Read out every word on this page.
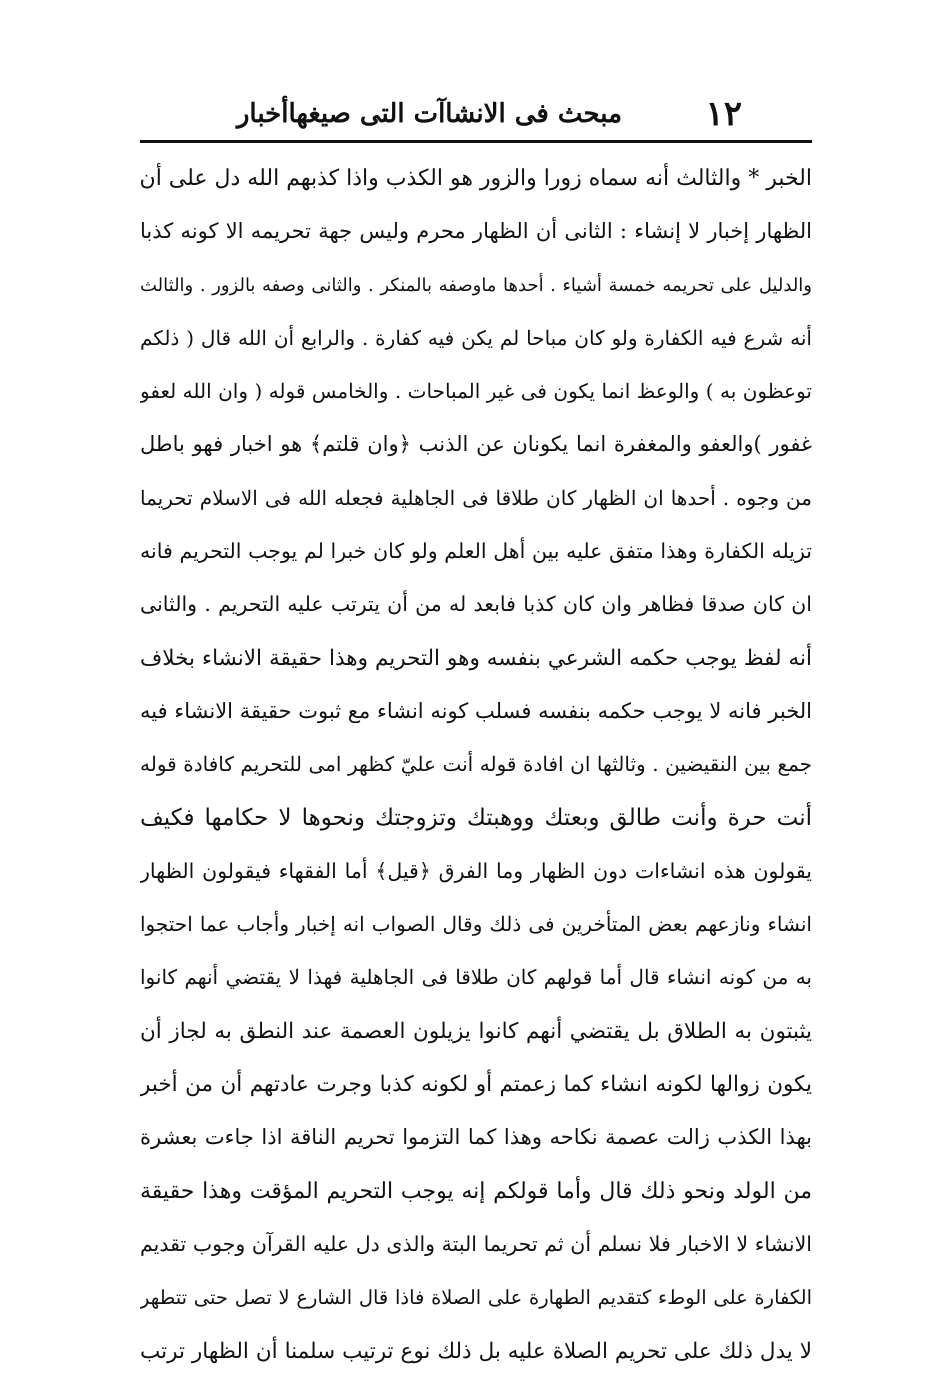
١٢
مبحث فى الانشاآت التى صيغهاأخبار
الخبر * والثالث أنه سماه زورا والزور هو الكذب واذا كذبهم الله دل على أن
الظهار إخبار لا إنشاء : الثانى أن الظهار محرم وليس جهة تحريمه الا كونه كذبا
والدليل على تحريمه خمسة أشياء . أحدها ماوصفه بالمنكر . والثانى وصفه بالزور . والثالث
أنه شرع فيه الكفارة ولو كان مباحا لم يكن فيه كفارة . والرابع أن الله قال ( ذلكم
توعظون به ) والوعظ انما يكون فى غير المباحات . والخامس قوله ( وان الله لعفو
غفور )والعفو والمغفرة انما يكونان عن الذنب ﴿وان قلتم﴾ هو اخبار فهو باطل
من وجوه . أحدها ان الظهار كان طلاقا فى الجاهلية فجعله الله فى الاسلام تحريما
تزيله الكفارة وهذا متفق عليه بين أهل العلم ولو كان خبرا لم يوجب التحريم فانه
ان كان صدقا فظاهر وان كان كذبا فابعد له من أن يترتب عليه التحريم . والثانى
أنه لفظ يوجب حكمه الشرعي بنفسه وهو التحريم وهذا حقيقة الانشاء بخلاف
الخبر فانه لا يوجب حكمه بنفسه فسلب كونه انشاء مع ثبوت حقيقة الانشاء فيه
جمع بين النقيضين . وثالثها ان افادة قوله أنت عليّ كظهر امى للتحريم كافادة قوله
أنت حرة وأنت طالق وبعتك ووهبتك وتزوجتك ونحوها لا حكامها فكيف
يقولون هذه انشاءات دون الظهار وما الفرق ﴿قيل﴾ أما الفقهاء فيقولون الظهار
انشاء ونازعهم بعض المتأخرين فى ذلك وقال الصواب انه إخبار وأجاب عما احتجوا
به من كونه انشاء قال أما قولهم كان طلاقا فى الجاهلية فهذا لا يقتضي أنهم كانوا
يثبتون به الطلاق بل يقتضي أنهم كانوا يزيلون العصمة عند النطق به لجاز أن
يكون زوالها لكونه انشاء كما زعمتم أو لكونه كذبا وجرت عادتهم أن من أخبر
بهذا الكذب زالت عصمة نكاحه وهذا كما التزموا تحريم الناقة اذا جاءت بعشرة
من الولد ونحو ذلك قال وأما قولكم إنه يوجب التحريم المؤقت وهذا حقيقة
الانشاء لا الاخبار فلا نسلم أن ثم تحريما البتة والذى دل عليه القرآن وجوب تقديم
الكفارة على الوطء كتقديم الطهارة على الصلاة فاذا قال الشارع لا تصل حتى تتطهر
لا يدل ذلك على تحريم الصلاة عليه بل ذلك نوع ترتيب سلمنا أن الظهار ترتب
